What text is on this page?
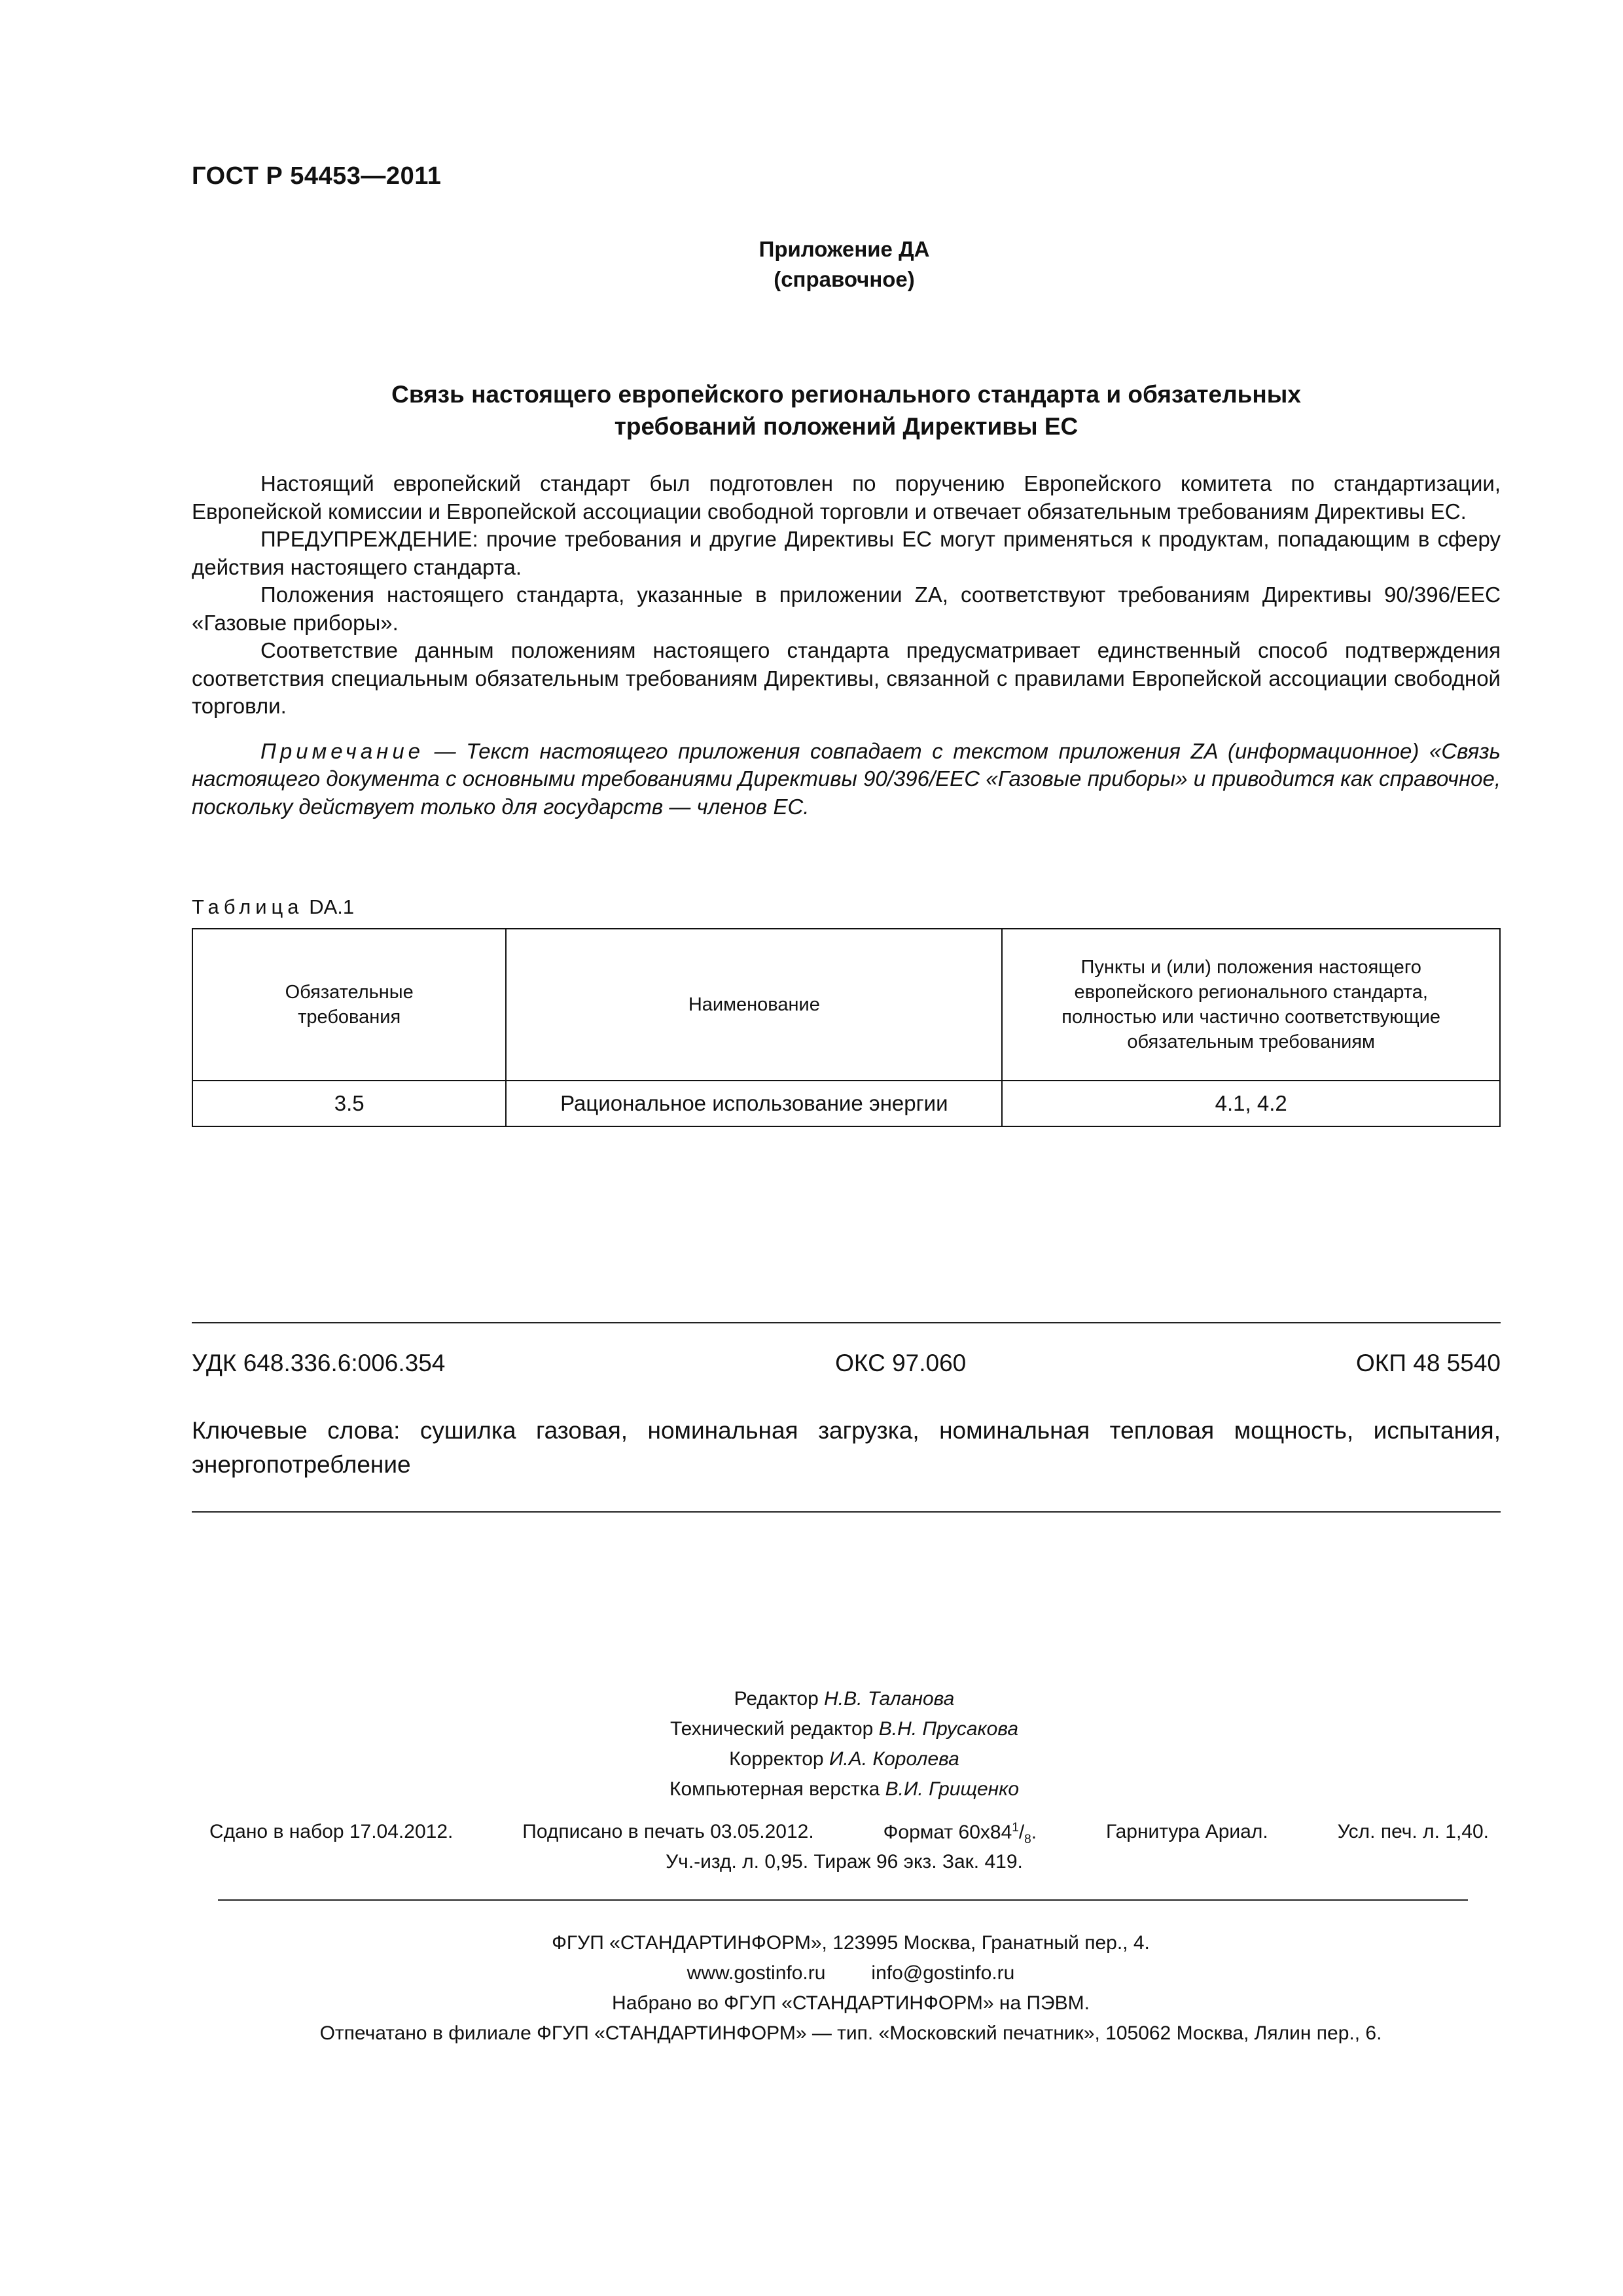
ГОСТ Р 54453—2011
Приложение ДА
(справочное)
Связь настоящего европейского регионального стандарта и обязательных
требований положений Директивы ЕС

Настоящий европейский стандарт был подготовлен по поручению Европейского комитета по стандартизации, Европейской комиссии и Европейской ассоциации свободной торговли и отвечает обязательным требованиям Директивы ЕС.

ПРЕДУПРЕЖДЕНИЕ: прочие требования и другие Директивы ЕС могут применяться к продуктам, попадающим в сферу действия настоящего стандарта.

Положения настоящего стандарта, указанные в приложении ZA, соответствуют требованиям Директивы 90/396/ЕЕС «Газовые приборы».

Соответствие данным положениям настоящего стандарта предусматривает единственный способ подтверждения соответствия специальным обязательным требованиям Директивы, связанной с правилами Европейской ассоциации свободной торговли.

Примечание — Текст настоящего приложения совпадает с текстом приложения ZA (информационное) «Связь настоящего документа с основными требованиями Директивы 90/396/ЕЕС «Газовые приборы» и приводится как справочное, поскольку действует только для государств — членов ЕС.

Таблица DA.1
Обязательные требования	Наименование	Пункты и (или) положения настоящего европейского регионального стандарта, полностью или частично соответствующие обязательным требованиям

3.5	Рациональное использование энергии	4.1, 4.2
УДК 648.336.6:006.354	ОКС 97.060	ОКП 48 5540
Ключевые слова: сушилка газовая, номинальная загрузка, номинальная тепловая мощность, испытания, энергопотребление
Редактор Н.В. Таланова
Технический редактор В.Н. Прусакова
Корректор И.А. Королева
Компьютерная верстка В.И. Грищенко
Сдано в набор 17.04.2012.	Подписано в печать 03.05.2012.	Формат $60x84^1/_8$.	Гарнитура Ариал.	Усл. печ. л. 1,40.
Уч.-изд. л. 0,95. Тираж 96 экз. Зак. 419.
ФГУП «СТАНДАРТИНФОРМ», 123995 Москва, Гранатный пер., 4.
www.gostinfo.ru info@gostinfo.ru
Набрано во ФГУП «СТАНДАРТИНФОРМ» на ПЭВМ.
Отпечатано в филиале ФГУП «СТАНДАРТИНФОРМ» — тип. «Московский печатник», 105062 Москва, Лялин пер., 6.
